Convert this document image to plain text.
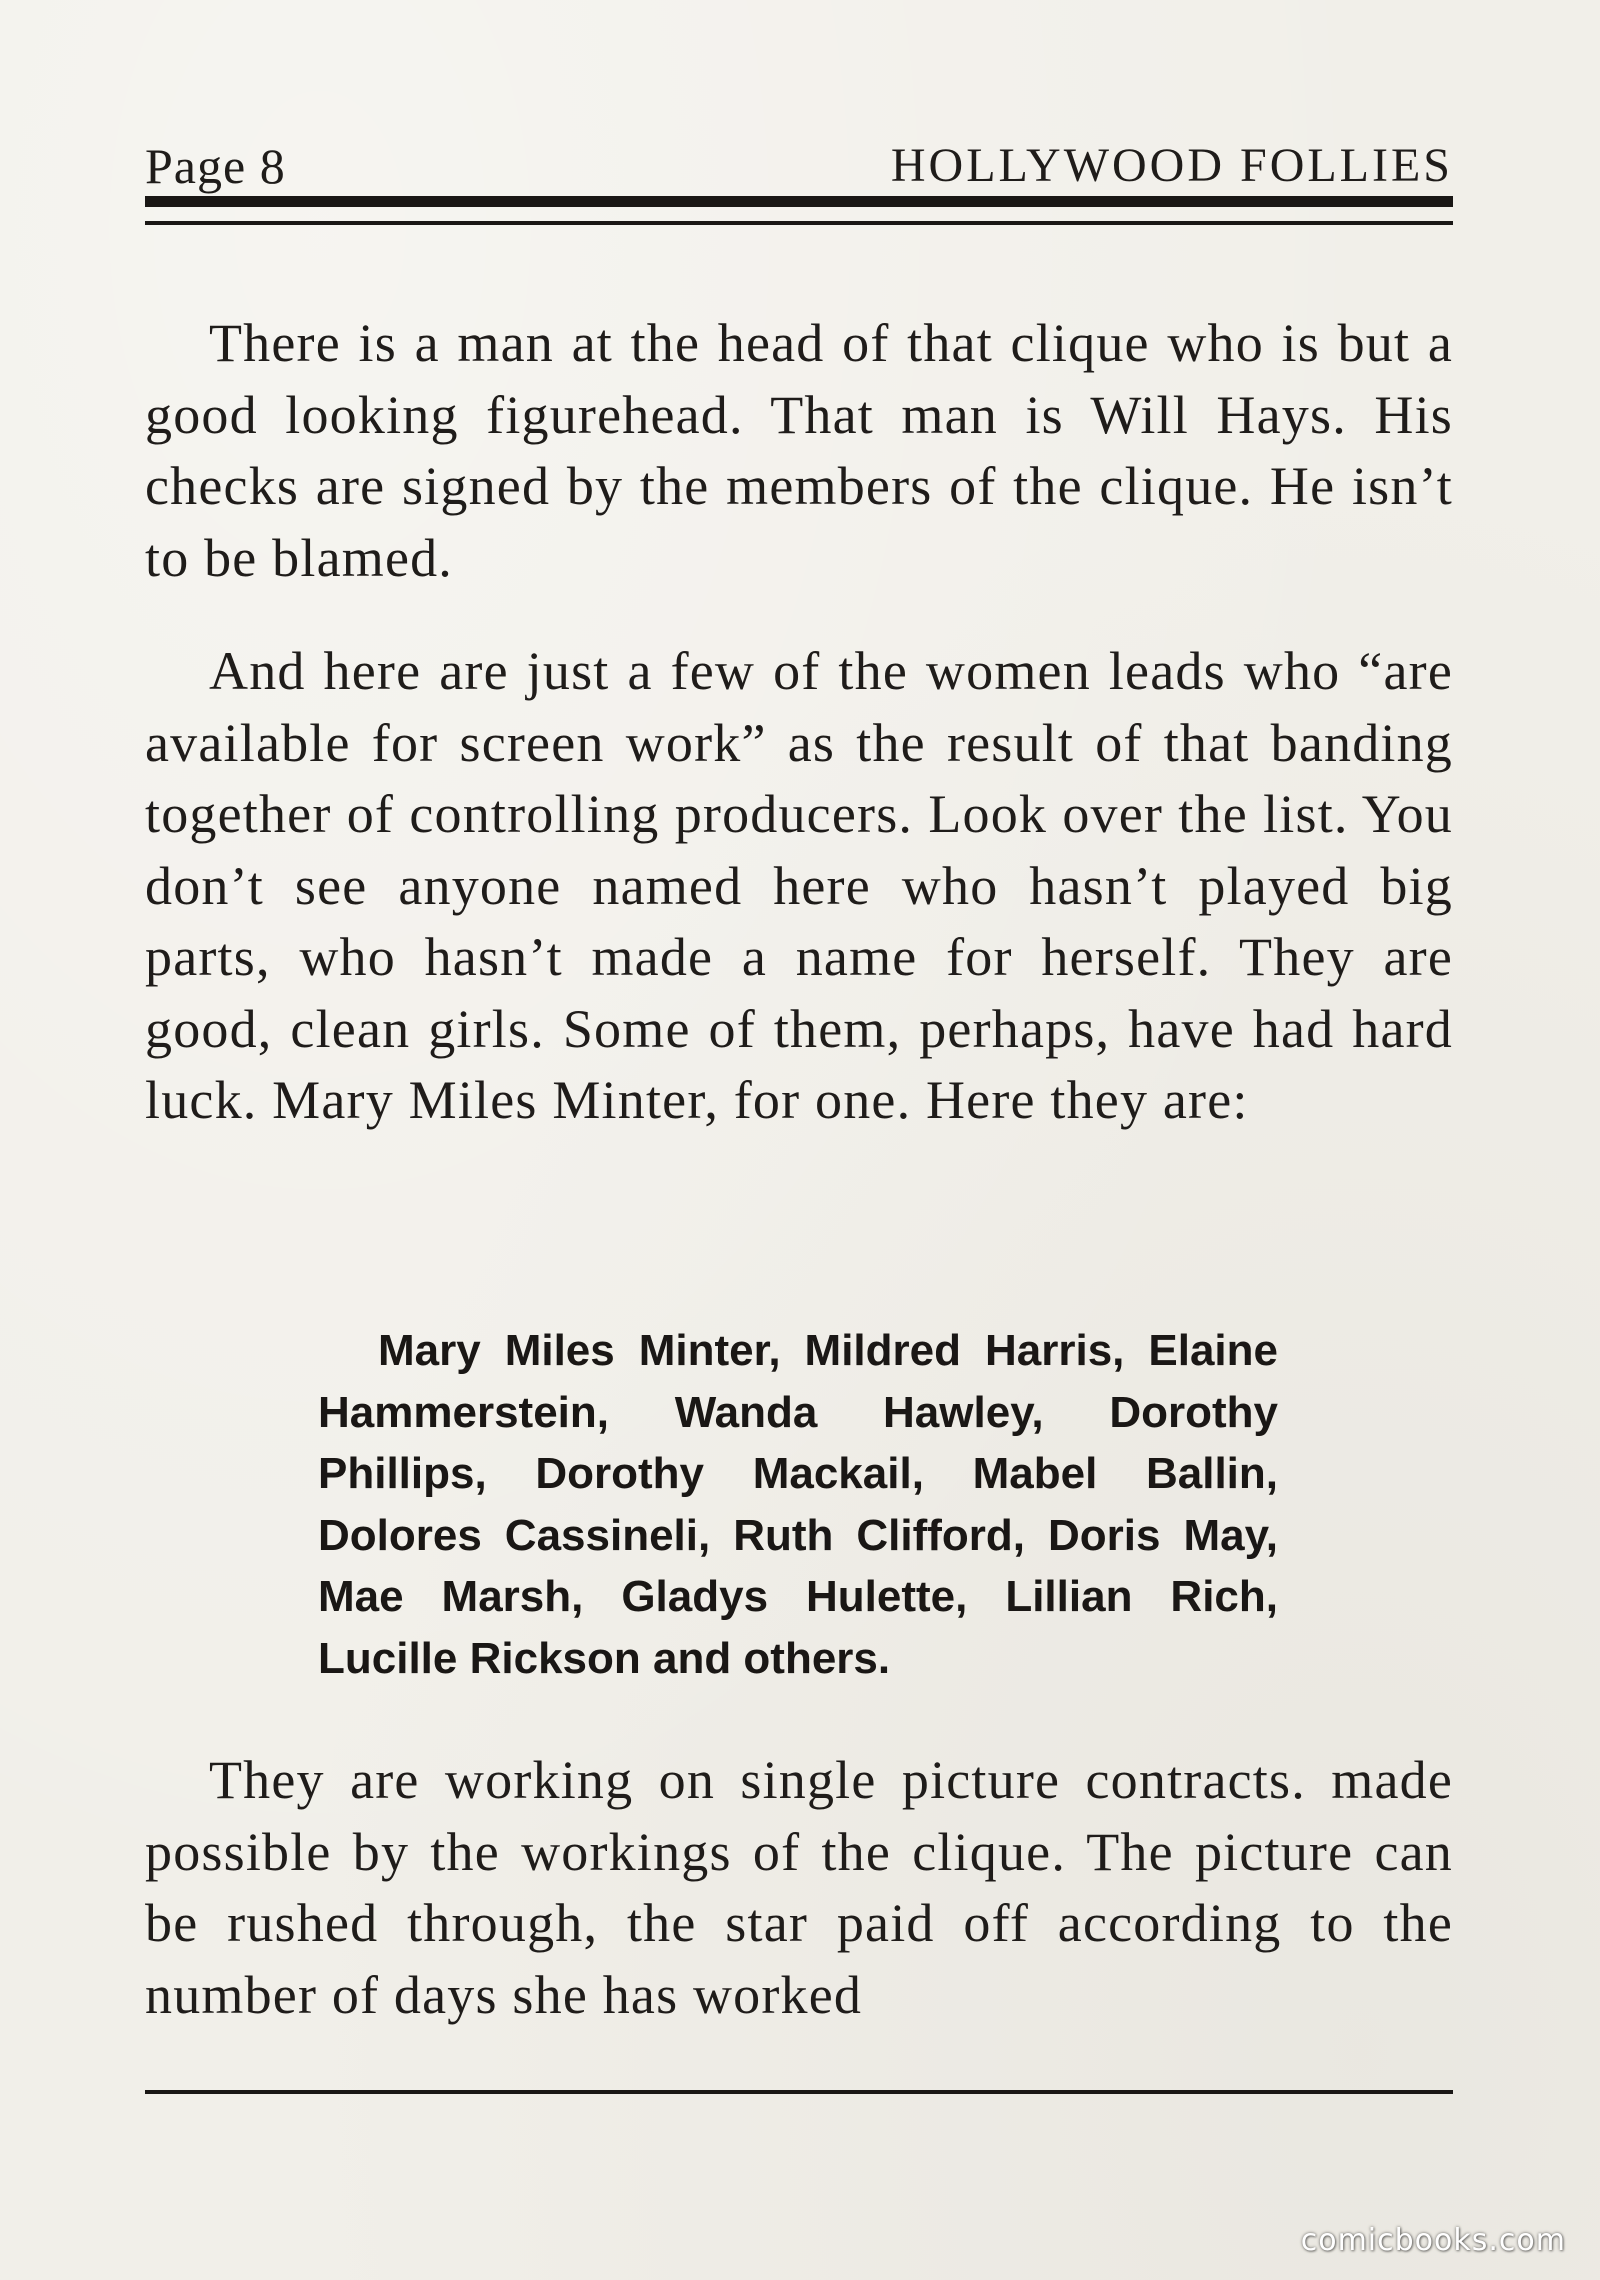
Page 8	HOLLYWOOD FOLLIES

There is a man at the head of that clique who is but a good looking figurehead. That man is Will Hays. His checks are signed by the members of the clique. He isn’t to be blamed.

And here are just a few of the women leads who “are available for screen work” as the result of that banding together of controlling producers. Look over the list. You don’t see anyone named here who hasn’t played big parts, who hasn’t made a name for herself. They are good, clean girls. Some of them, perhaps, have had hard luck. Mary Miles Minter, for one. Here they are:

Mary Miles Minter, Mildred Harris, Elaine Hammerstein, Wanda Hawley, Dorothy Phillips, Dorothy Mackail, Mabel Ballin, Dolores Cassineli, Ruth Clifford, Doris May, Mae Marsh, Gladys Hulette, Lillian Rich, Lucille Rickson and others.

They are working on single picture contracts. made possible by the workings of the clique. The picture can be rushed through, the star paid off according to the number of days she has worked

comicbooks.com
